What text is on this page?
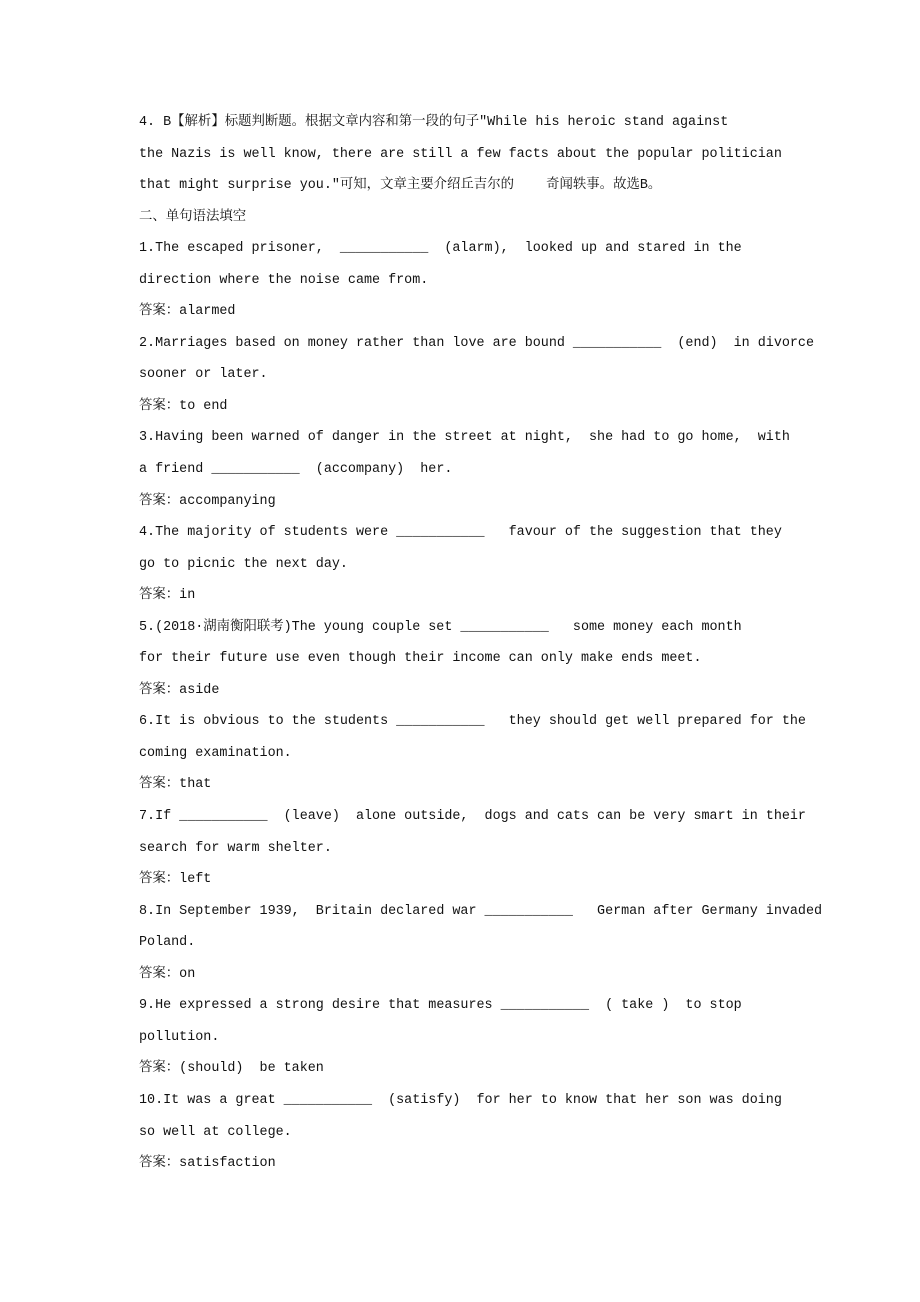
4. B【解析】标题判断题。根据文章内容和第一段的句子"While his heroic stand against
the Nazis is well know, there are still a few facts about the popular politician
that might surprise you."可知，文章主要介绍丘吉尔的    奇闻轶事。故选B。
二、单句语法填空
1.The escaped prisoner,  ___________  (alarm),  looked up and stared in the
direction where the noise came from.
答案：alarmed
2.Marriages based on money rather than love are bound ___________  (end)  in divorce
sooner or later.
答案：to end
3.Having been warned of danger in the street at night,  she had to go home,  with
a friend ___________  (accompany)  her.
答案：accompanying
4.The majority of students were ___________   favour of the suggestion that they
go to picnic the next day.
答案：in
5.(2018·湖南衡阳联考)The young couple set ___________   some money each month
for their future use even though their income can only make ends meet.
答案：aside
6.It is obvious to the students ___________   they should get well prepared for the
coming examination.
答案：that
7.If ___________  (leave)  alone outside,  dogs and cats can be very smart in their
search for warm shelter.
答案：left
8.In September 1939,  Britain declared war ___________   German after Germany invaded
Poland.
答案：on
9.He expressed a strong desire that measures ___________  ( take )  to stop
pollution.
答案：(should)  be taken
10.It was a great ___________  (satisfy)  for her to know that her son was doing
so well at college.
答案：satisfaction
